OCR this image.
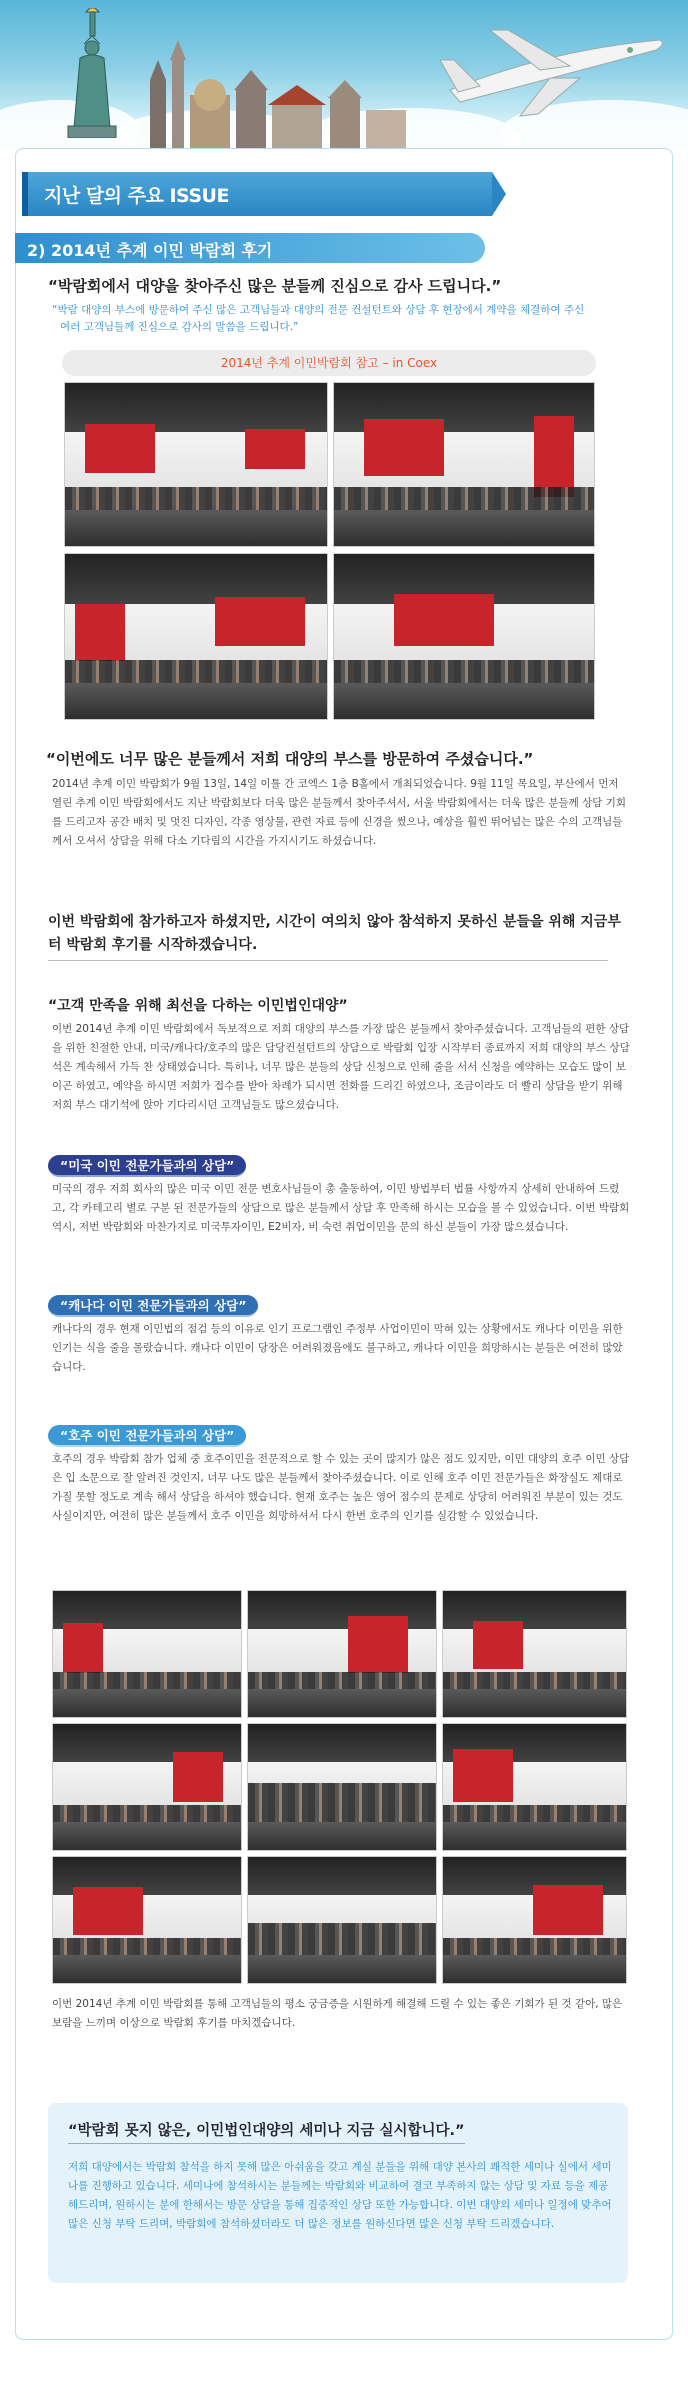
지난 달의 주요 ISSUE
2) 2014년 추계 이민 박람회 후기
“박람회에서 대양을 찾아주신 많은 분들께 진심으로 감사 드립니다.”
“박람 대양의 부스에 방문하여 주신 많은 고객님들과 대양의 전문 컨설턴트와 상담 후 현장에서 계약을 체결하여 주신
여러 고객님들께 진심으로 감사의 말씀을 드립니다.”
2014년 추계 이민박람회 참고 – in Coex
“이번에도 너무 많은 분들께서 저희 대양의 부스를 방문하여 주셨습니다.”
2014년 추계 이민 박람회가 9월 13일, 14일 이틀 간 코엑스 1층 B홀에서 개최되었습니다. 9월 11일 목요일, 부산에서 먼저 열린 추계 이민 박람회에서도 지난 박람회보다 더욱 많은 분들께서 찾아주셔서, 서울 박람회에서는 더욱 많은 분들께 상담 기회를 드리고자 공간 배치 및 멋진 디자인, 각종 영상물, 관련 자료 등에 신경을 썼으나, 예상을 훨씬 뛰어넘는 많은 수의 고객님들께서 오셔서 상담을 위해 다소 기다림의 시간을 가지시기도 하셨습니다.
이번 박람회에 참가하고자 하셨지만, 시간이 여의치 않아 참석하지 못하신 분들을 위해 지금부터 박람회 후기를 시작하겠습니다.
“고객 만족을 위해 최선을 다하는 이민법인대양”
이번 2014년 추계 이민 박람회에서 독보적으로 저희 대양의 부스를 가장 많은 분들께서 찾아주셨습니다. 고객님들의 편한 상담을 위한 친절한 안내, 미국/캐나다/호주의 많은 담당컨설턴트의 상담으로 박람회 입장 시작부터 종료까지 저희 대양의 부스 상담석은 계속해서 가득 찬 상태였습니다. 특히나, 너무 많은 분들의 상담 신청으로 인해 줄을 서서 신청을 예약하는 모습도 많이 보이곤 하였고, 예약을 하시면 저희가 접수를 받아 차례가 되시면 전화를 드리긴 하였으나, 조금이라도 더 빨리 상담을 받기 위해 저희 부스 대기석에 앉아 기다리시던 고객님들도 많으셨습니다.
“미국 이민 전문가들과의 상담”
미국의 경우 저희 회사의 많은 미국 이민 전문 변호사님들이 총 출동하여, 이민 방법부터 법률 사항까지 상세히 안내하여 드렸고, 각 카테고리 별로 구분 된 전문가들의 상담으로 많은 분들께서 상담 후 만족해 하시는 모습을 볼 수 있었습니다. 이번 박람회 역시, 저번 박람회와 마찬가지로 미국투자이민, E2비자, 비 숙련 취업이민을 문의 하신 분들이 가장 많으셨습니다.
“캐나다 이민 전문가들과의 상담”
캐나다의 경우 현재 이민법의 점검 등의 이유로 인기 프로그램인 주정부 사업이민이 막혀 있는 상황에서도 캐나다 이민을 위한 인기는 식을 줄을 몰랐습니다. 캐나다 이민이 당장은 어려워졌음에도 불구하고, 캐나다 이민을 희망하시는 분들은 여전히 많았습니다.
“호주 이민 전문가들과의 상담”
호주의 경우 박람회 참가 업체 중 호주이민을 전문적으로 할 수 있는 곳이 많지가 않은 점도 있지만, 이민 대양의 호주 이민 상담은 입 소문으로 잘 알려진 것인지, 너무 나도 많은 분들께서 찾아주셨습니다. 이로 인해 호주 이민 전문가들은 화장실도 제대로 가질 못할 정도로 계속 해서 상담을 하셔야 했습니다. 현재 호주는 높은 영어 점수의 문제로 상당히 어려워진 부분이 있는 것도 사실이지만, 여전히 많은 분들께서 호주 이민을 희망하셔서 다시 한번 호주의 인기를 실감할 수 있었습니다.
이번 2014년 추계 이민 박람회를 통해 고객님들의 평소 궁금증을 시원하게 해결해 드릴 수 있는 좋은 기회가 된 것 같아, 많은 보람을 느끼며 이상으로 박람회 후기를 마치겠습니다.
“박람회 못지 않은, 이민법인대양의 세미나 지금 실시합니다.”
저희 대양에서는 박람회 참석을 하지 못해 많은 아쉬움을 갖고 계실 분들을 위해 대양 본사의 쾌적한 세미나 실에서 세미나를 진행하고 있습니다. 세미나에 참석하시는 분들께는 박람회와 비교하여 결코 부족하지 않는 상담 및 자료 등을 제공해드리며, 원하시는 분에 한해서는 방문 상담을 통해 집중적인 상담 또한 가능합니다. 이번 대양의 세미나 일정에 맞추어 많은 신청 부탁 드리며, 박람회에 참석하셨더라도 더 많은 정보를 원하신다면 많은 신청 부탁 드리겠습니다.
